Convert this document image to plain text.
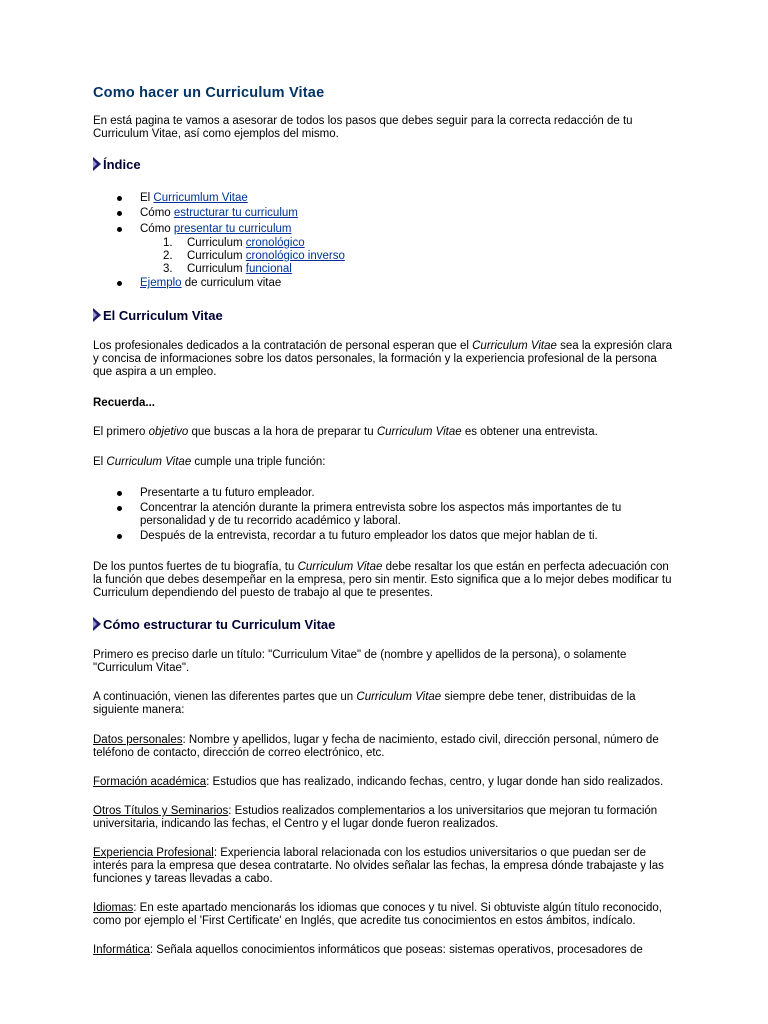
Como hacer un Curriculum Vitae

En está pagina te vamos a asesorar de todos los pasos que debes seguir para la correcta redacción de tu Curriculum Vitae, así como ejemplos del mismo.

Índice
El Curricumlum Vitae
Cómo estructurar tu curriculum
Cómo presentar tu curriculum
1. Curriculum cronológico
2. Curriculum cronológico inverso
3. Curriculum funcional
Ejemplo de curriculum vitae
El Curriculum Vitae

Los profesionales dedicados a la contratación de personal esperan que el Curriculum Vitae sea la expresión clara y concisa de informaciones sobre los datos personales, la formación y la experiencia profesional de la persona que aspira a un empleo.

Recuerda...

El primero objetivo que buscas a la hora de preparar tu Curriculum Vitae es obtener una entrevista.

El Curriculum Vitae cumple una triple función:

Presentarte a tu futuro empleador.
Concentrar la atención durante la primera entrevista sobre los aspectos más importantes de tu personalidad y de tu recorrido académico y laboral.
Después de la entrevista, recordar a tu futuro empleador los datos que mejor hablan de ti.

De los puntos fuertes de tu biografía, tu Curriculum Vitae debe resaltar los que están en perfecta adecuación con la función que debes desempeñar en la empresa, pero sin mentir. Esto significa que a lo mejor debes modificar tu Curriculum dependiendo del puesto de trabajo al que te presentes.

Cómo estructurar tu Curriculum Vitae

Primero es preciso darle un título: "Curriculum Vitae" de (nombre y apellidos de la persona), o solamente "Curriculum Vitae".

A continuación, vienen las diferentes partes que un Curriculum Vitae siempre debe tener, distribuidas de la siguiente manera:

Datos personales: Nombre y apellidos, lugar y fecha de nacimiento, estado civil, dirección personal, número de teléfono de contacto, dirección de correo electrónico, etc.

Formación académica: Estudios que has realizado, indicando fechas, centro, y lugar donde han sido realizados.

Otros Títulos y Seminarios: Estudios realizados complementarios a los universitarios que mejoran tu formación universitaria, indicando las fechas, el Centro y el lugar donde fueron realizados.

Experiencia Profesional: Experiencia laboral relacionada con los estudios universitarios o que puedan ser de interés para la empresa que desea contratarte. No olvides señalar las fechas, la empresa dónde trabajaste y las funciones y tareas llevadas a cabo.

Idiomas: En este apartado mencionarás los idiomas que conoces y tu nivel. Si obtuviste algún título reconocido, como por ejemplo el 'First Certificate' en Inglés, que acredite tus conocimientos en estos ámbitos, indícalo.

Informática: Señala aquellos conocimientos informáticos que poseas: sistemas operativos, procesadores de
